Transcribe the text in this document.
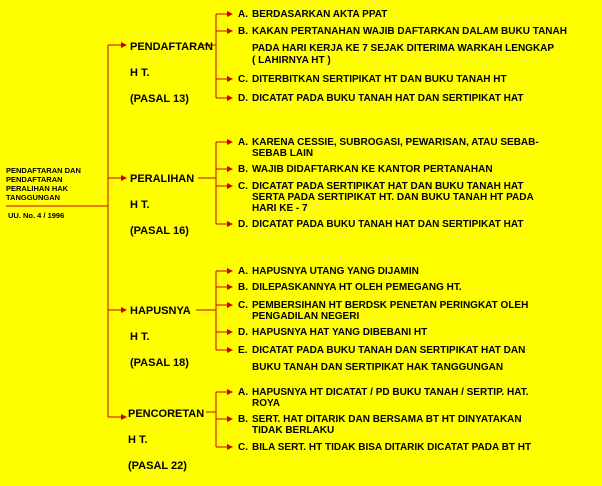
PENDAFTARAN DAN
PENDAFTARAN
PERALIHAN HAK
TANGGUNGAN
UU. No. 4 / 1996

PENDAFTARAN

H T.

(PASAL 13)

PERALIHAN

H T.

(PASAL 16)

HAPUSNYA

H T.

(PASAL 18)

PENCORETAN

H T.

(PASAL 22)

A. BERDASARKAN AKTA PPAT
B. KAKAN PERTANAHAN WAJIB DAFTARKAN DALAM BUKU TANAH
PADA HARI KERJA KE 7 SEJAK DITERIMA WARKAH LENGKAP
( LAHIRNYA HT )
C. DITERBITKAN SERTIPIKAT HT DAN BUKU TANAH HT
D. DICATAT PADA BUKU TANAH HAT DAN SERTIPIKAT HAT
A. KARENA CESSIE, SUBROGASI, PEWARISAN, ATAU SEBAB-
SEBAB LAIN
B. WAJIB DIDAFTARKAN KE KANTOR PERTANAHAN
C. DICATAT PADA SERTIPIKAT HAT DAN BUKU TANAH HAT
SERTA PADA SERTIPIKAT HT. DAN BUKU TANAH HT PADA
HARI KE - 7
D. DICATAT PADA BUKU TANAH HAT DAN SERTIPIKAT HAT
A. HAPUSNYA UTANG YANG DIJAMIN
B. DILEPASKANNYA HT OLEH PEMEGANG HT.
C. PEMBERSIHAN HT BERDSK PENETAN PERINGKAT OLEH
PENGADILAN NEGERI
D. HAPUSNYA HAT YANG DIBEBANI HT
E. DICATAT PADA BUKU TANAH DAN SERTIPIKAT HAT DAN
BUKU TANAH DAN SERTIPIKAT HAK TANGGUNGAN
A. HAPUSNYA HT DICATAT / PD BUKU TANAH / SERTIP. HAT.
ROYA
B. SERT. HAT DITARIK DAN BERSAMA BT HT DINYATAKAN
TIDAK BERLAKU
C. BILA SERT. HT TIDAK BISA DITARIK DICATAT PADA BT HT
